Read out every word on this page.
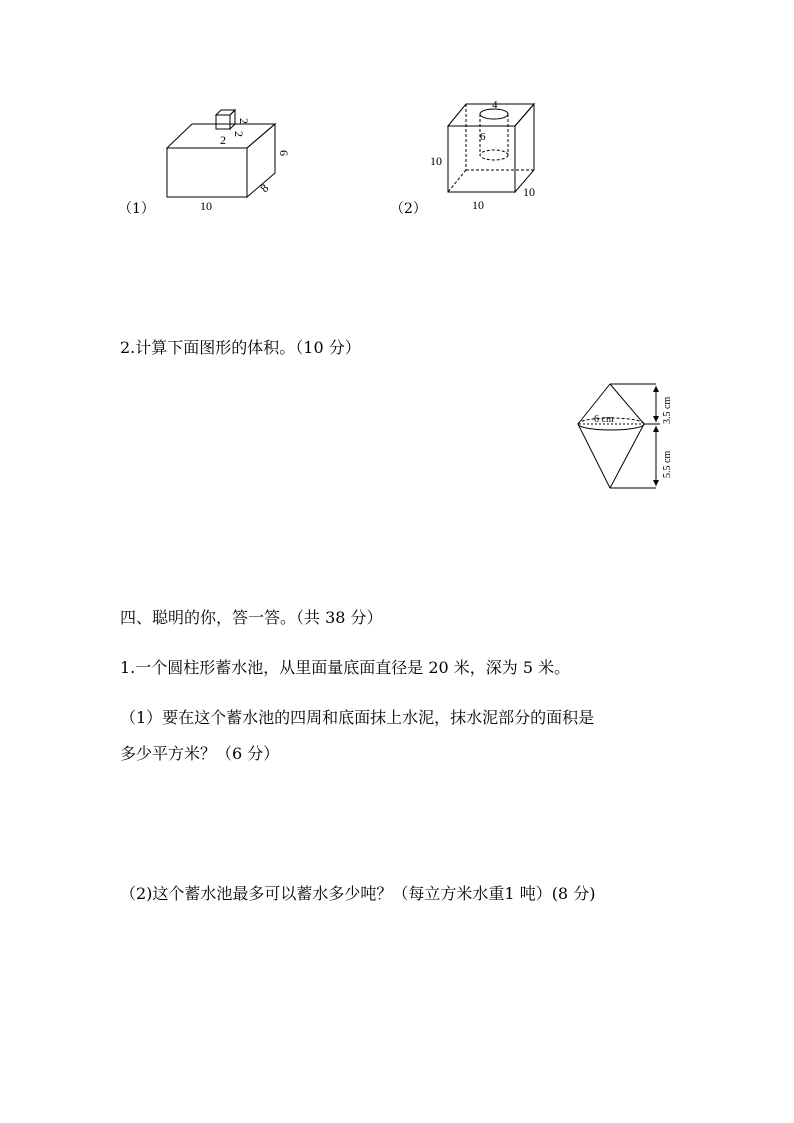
2
2
2
6
8
10
（1）
4
6
10
10
10
（2）
2.计算下面图形的体积。（10 分）
6 cm	3.5 cm
5.5 cm
四、聪明的你，答一答。（共 38 分）
1.一个圆柱形蓄水池，从里面量底面直径是 20 米，深为 5 米。
（1）要在这个蓄水池的四周和底面抹上水泥，抹水泥部分的面积是
多少平方米？（6 分）
（2)这个蓄水池最多可以蓄水多少吨？（每立方米水重1 吨）(8 分)
